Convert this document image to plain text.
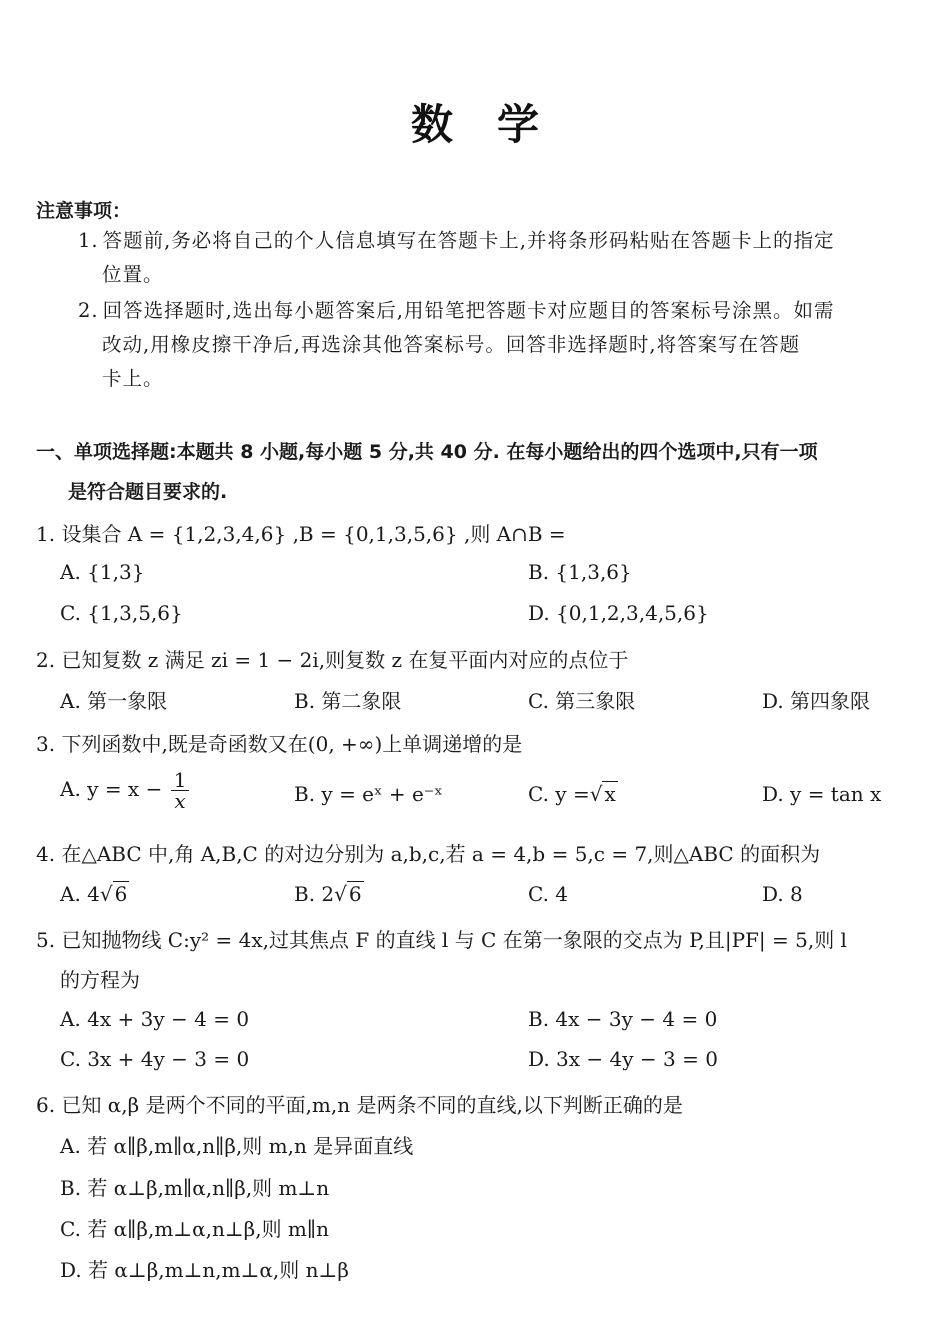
数学
注意事项：
1. 答题前,务必将自己的个人信息填写在答题卡上,并将条形码粘贴在答题卡上的指定
位置。
2. 回答选择题时,选出每小题答案后,用铅笔把答题卡对应题目的答案标号涂黑。如需
改动,用橡皮擦干净后,再选涂其他答案标号。回答非选择题时,将答案写在答题
卡上。
一、单项选择题:本题共 8 小题,每小题 5 分,共 40 分. 在每小题给出的四个选项中,只有一项
是符合题目要求的.
1. 设集合 A = {1,2,3,4,6} ,B = {0,1,3,5,6} ,则 A∩B =
A. {1,3}	B. {1,3,6}
C. {1,3,5,6}	D. {0,1,2,3,4,5,6}
2. 已知复数 z 满足 zi = 1 − 2i,则复数 z 在复平面内对应的点位于
A. 第一象限	B. 第二象限	C. 第三象限	D. 第四象限
3. 下列函数中,既是奇函数又在(0, +∞)上单调递增的是
A. $y = x - \frac{1}{x}$	B. y = eˣ + e⁻ˣ	C. y =√ x	D. y = tan x
4. 在△ABC 中,角 A,B,C 的对边分别为 a,b,c,若 a = 4,b = 5,c = 7,则△ABC 的面积为
A. 4√ 6	B. 2√ 6	C. 4	D. 8
5. 已知抛物线 C:y² = 4x,过其焦点 F 的直线 l 与 C 在第一象限的交点为 P,且|PF| = 5,则 l
的方程为
A. 4x + 3y − 4 = 0	B. 4x − 3y − 4 = 0
C. 3x + 4y − 3 = 0	D. 3x − 4y − 3 = 0
6. 已知 α,β 是两个不同的平面,m,n 是两条不同的直线,以下判断正确的是
A. 若 α∥β,m∥α,n∥β,则 m,n 是异面直线
B. 若 α⊥β,m∥α,n∥β,则 m⊥n
C. 若 α∥β,m⊥α,n⊥β,则 m∥n
D. 若 α⊥β,m⊥n,m⊥α,则 n⊥β
